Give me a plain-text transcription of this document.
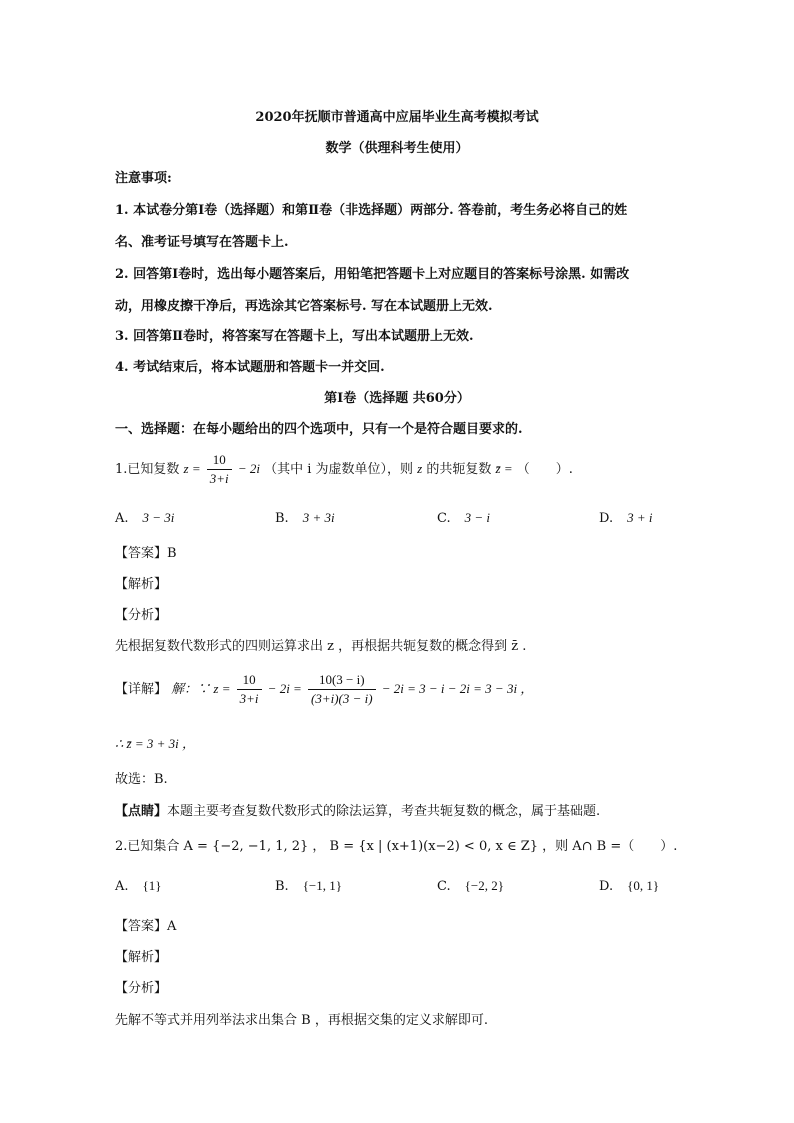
2020年抚顺市普通高中应届毕业生高考模拟考试
数学（供理科考生使用）
注意事项:
1. 本试卷分第Ⅰ卷（选择题）和第Ⅱ卷（非选择题）两部分. 答卷前，考生务必将自己的姓
名、准考证号填写在答题卡上.
2. 回答第Ⅰ卷时，选出每小题答案后，用铅笔把答题卡上对应题目的答案标号涂黑. 如需改
动，用橡皮擦干净后，再选涂其它答案标号. 写在本试题册上无效.
3. 回答第Ⅱ卷时，将答案写在答题卡上，写出本试题册上无效.
4. 考试结束后，将本试题册和答题卡一并交回.
第Ⅰ卷（选择题 共60分）
一、选择题：在每小题给出的四个选项中，只有一个是符合题目要求的.
1.已知复数 $z = \frac{10}{3+i} - 2i$ （其中 i 为虚数单位），则 z 的共轭复数 z̄ = （　　）.
A. 3 − 3i	B. 3 + 3i	C. 3 − i	D. 3 + i
【答案】B
【解析】
【分析】
先根据复数代数形式的四则运算求出 z ，再根据共轭复数的概念得到 z̄ .
【详解】 解：∵ $z = \frac{10}{3+i} - 2i = \frac{10(3 - i)}{(3+i)(3 - i)} - 2i = 3 - i - 2i = 3 - 3i$ ，
∴ z̄ = 3 + 3i ，
故选：B.
【点睛】本题主要考查复数代数形式的除法运算，考查共轭复数的概念，属于基础题.
2.已知集合 A = {−2, −1, 1, 2} ， B = {x | (x+1)(x−2) < 0, x ∈ Z} ，则 A∩ B =（　　）.
A. {1}	B. {−1, 1}	C. {−2, 2}	D. {0, 1}
【答案】A
【解析】
【分析】
先解不等式并用列举法求出集合 B ，再根据交集的定义求解即可.
